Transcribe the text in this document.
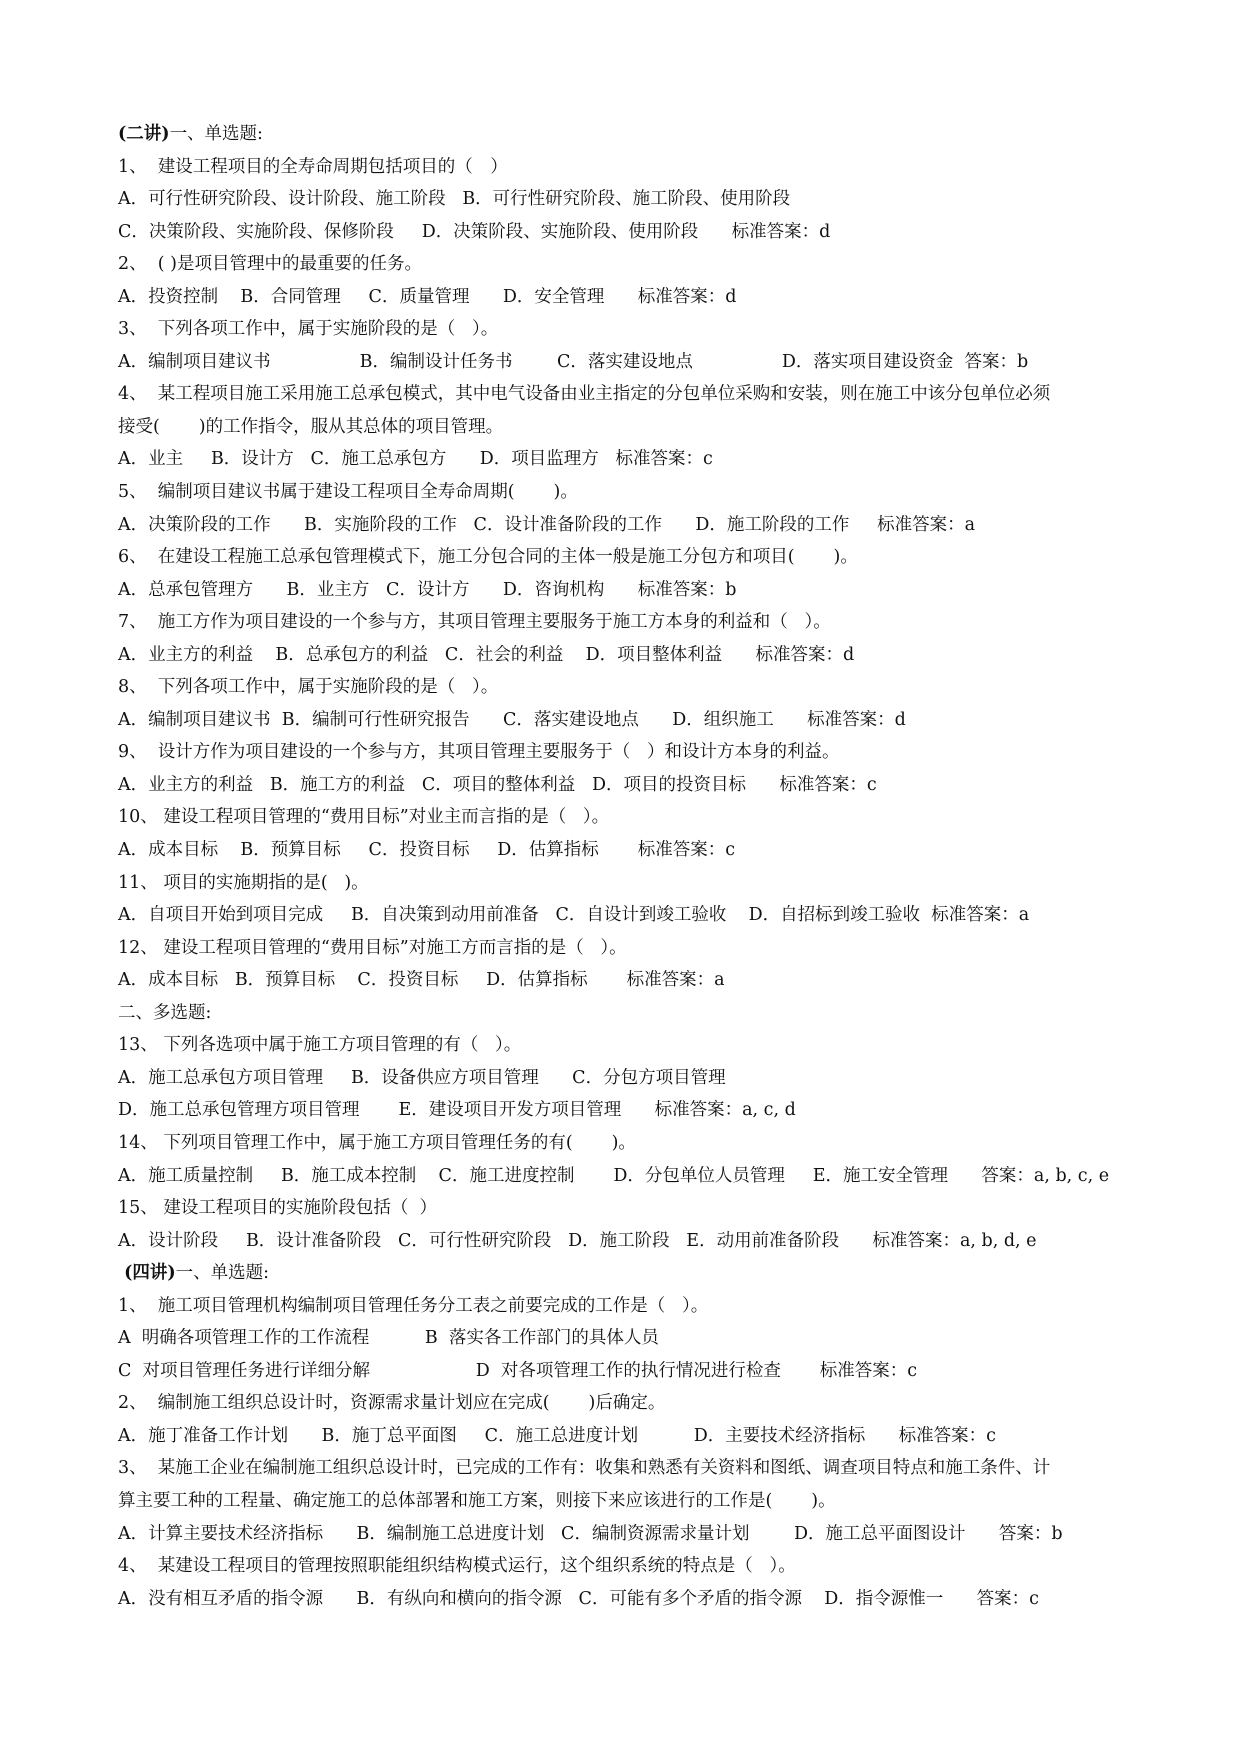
(二讲)一、单选题:
1、  建设工程项目的全寿命周期包括项目的（　）
A．可行性研究阶段、设计阶段、施工阶段   B．可行性研究阶段、施工阶段、使用阶段
C．决策阶段、实施阶段、保修阶段     D．决策阶段、实施阶段、使用阶段      标准答案：d
2、  ( )是项目管理中的最重要的任务。
A．投资控制    B．合同管理     C．质量管理      D．安全管理      标准答案：d
3、  下列各项工作中，属于实施阶段的是（   ）。
A．编制项目建议书                B．编制设计任务书        C．落实建设地点                D．落实项目建设资金  答案：b
4、  某工程项目施工采用施工总承包模式，其中电气设备由业主指定的分包单位采购和安装，则在施工中该分包单位必须
接受(       )的工作指令，服从其总体的项目管理。
A．业主     B．设计方   C．施工总承包方      D．项目监理方   标准答案：c
5、  编制项目建议书属于建设工程项目全寿命周期(       )。
A．决策阶段的工作      B．实施阶段的工作   C．设计准备阶段的工作      D．施工阶段的工作     标准答案：a
6、  在建设工程施工总承包管理模式下，施工分包合同的主体一般是施工分包方和项目(       )。
A．总承包管理方      B．业主方   C．设计方      D．咨询机构      标准答案：b
7、  施工方作为项目建设的一个参与方，其项目管理主要服务于施工方本身的利益和（   ）。
A．业主方的利益    B．总承包方的利益   C．社会的利益    D．项目整体利益      标准答案：d
8、  下列各项工作中，属于实施阶段的是（   ）。
A．编制项目建议书  B．编制可行性研究报告      C．落实建设地点      D．组织施工      标准答案：d
9、  设计方作为项目建设的一个参与方，其项目管理主要服务于（   ）和设计方本身的利益。
A．业主方的利益   B．施工方的利益   C．项目的整体利益   D．项目的投资目标      标准答案：c
10、 建设工程项目管理的“费用目标”对业主而言指的是（   ）。
A．成本目标    B．预算目标     C．投资目标     D．估算指标       标准答案：c
11、 项目的实施期指的是(   )。
A．自项目开始到项目完成     B．自决策到动用前准备   C．自设计到竣工验收    D．自招标到竣工验收  标准答案：a
12、 建设工程项目管理的“费用目标”对施工方而言指的是（   ）。
A．成本目标   B．预算目标    C．投资目标     D．估算指标       标准答案：a
二、多选题:
13、 下列各选项中属于施工方项目管理的有（   ）。
A．施工总承包方项目管理     B．设备供应方项目管理      C．分包方项目管理
D．施工总承包管理方项目管理       E．建设项目开发方项目管理      标准答案：a, c, d
14、 下列项目管理工作中，属于施工方项目管理任务的有(       )。
A．施工质量控制     B．施工成本控制    C．施工进度控制       D．分包单位人员管理     E．施工安全管理      答案：a, b, c, e
15、 建设工程项目的实施阶段包括（  ）
A．设计阶段     B．设计准备阶段   C．可行性研究阶段   D．施工阶段   E．动用前准备阶段      标准答案：a, b, d, e
(四讲)一、单选题:
1、  施工项目管理机构编制项目管理任务分工表之前要完成的工作是（   ）。
A  明确各项管理工作的工作流程          B  落实各工作部门的具体人员
C  对项目管理任务进行详细分解                   D  对各项管理工作的执行情况进行检查       标准答案：c
2、  编制施工组织总设计时，资源需求量计划应在完成(       )后确定。
A．施丁准备工作计划      B．施丁总平面图     C．施工总进度计划          D．主要技术经济指标      标准答案：c
3、  某施工企业在编制施工组织总设计时，已完成的工作有：收集和熟悉有关资料和图纸、调查项目特点和施工条件、计
算主要工种的工程量、确定施工的总体部署和施工方案，则接下来应该进行的工作是(       )。
A．计算主要技术经济指标      B．编制施工总进度计划   C．编制资源需求量计划        D．施工总平面图设计      答案：b
4、  某建设工程项目的管理按照职能组织结构模式运行，这个组织系统的特点是（   ）。
A．没有相互矛盾的指令源      B．有纵向和横向的指令源   C．可能有多个矛盾的指令源    D．指令源惟一      答案：c
